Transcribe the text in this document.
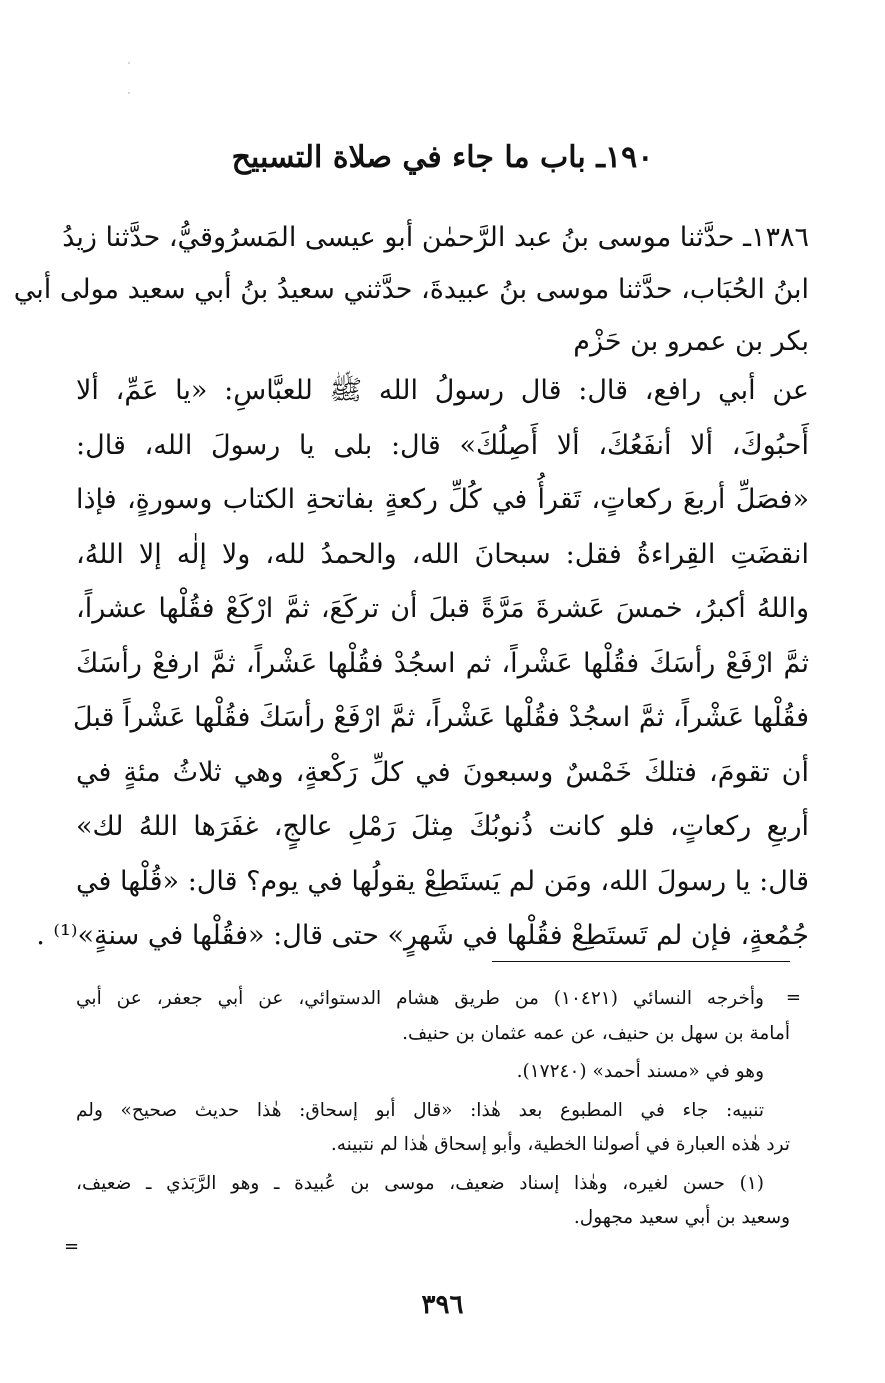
١٩٠ـ باب ما جاء في صلاة التسبيح
١٣٨٦ـ حدَّثنا موسى بنُ عبد الرَّحمٰن أبو عيسى المَسرُوقيُّ، حدَّثنا زيدُ
ابنُ الحُبَاب، حدَّثنا موسى بنُ عبيدةَ، حدَّثني سعيدُ بنُ أبي سعيد مولى أبي
بكر بن عمرو بن حَزْم
عن أبي رافع، قال: قال رسولُ الله ﷺ للعبَّاسِ: «يا عَمِّ، ألا
أَحبُوكَ، ألا أنفَعُكَ، ألا أَصِلُكَ» قال: بلى يا رسولَ الله، قال:
«فصَلِّ أربعَ ركعاتٍ، تَقرأُ في كُلِّ ركعةٍ بفاتحةِ الكتاب وسورةٍ، فإذا
انقضَتِ القِراءةُ فقل: سبحانَ الله، والحمدُ لله، ولا إلٰه إلا اللهُ،
واللهُ أكبرُ، خمسَ عَشرةَ مَرَّةً قبلَ أن تركَعَ، ثمَّ ارْكَعْ فقُلْها عشراً،
ثمَّ ارْفَعْ رأسَكَ فقُلْها عَشْراً، ثم اسجُدْ فقُلْها عَشْراً، ثمَّ ارفعْ رأسَكَ
فقُلْها عَشْراً، ثمَّ اسجُدْ فقُلْها عَشْراً، ثمَّ ارْفَعْ رأسَكَ فقُلْها عَشْراً قبلَ
أن تقومَ، فتلكَ خَمْسٌ وسبعونَ في كلِّ رَكْعةٍ، وهي ثلاثُ مئةٍ في
أربعِ ركعاتٍ، فلو كانت ذُنوبُكَ مِثلَ رَمْلِ عالجٍ، غفَرَها اللهُ لك»
قال: يا رسولَ الله، ومَن لم يَستَطِعْ يقولُها في يوم؟ قال: «قُلْها في
جُمُعةٍ، فإن لم تَستَطِعْ فقُلْها في شَهرٍ» حتى قال: «فقُلْها في سنةٍ»⁽¹⁾ .
=
وأخرجه النسائي (١٠٤٢١) من طريق هشام الدستوائي، عن أبي جعفر، عن أبي
أمامة بن سهل بن حنيف، عن عمه عثمان بن حنيف.
وهو في «مسند أحمد» (١٧٢٤٠).
تنبيه: جاء في المطبوع بعد هٰذا: «قال أبو إسحاق: هٰذا حديث صحيح» ولم
ترد هٰذه العبارة في أصولنا الخطية، وأبو إسحاق هٰذا لم نتبينه.
(١) حسن لغيره، وهٰذا إسناد ضعيف، موسى بن عُبيدة ـ وهو الرَّبَذي ـ ضعيف،
وسعيد بن أبي سعيد مجهول.
=
٣٩٦
